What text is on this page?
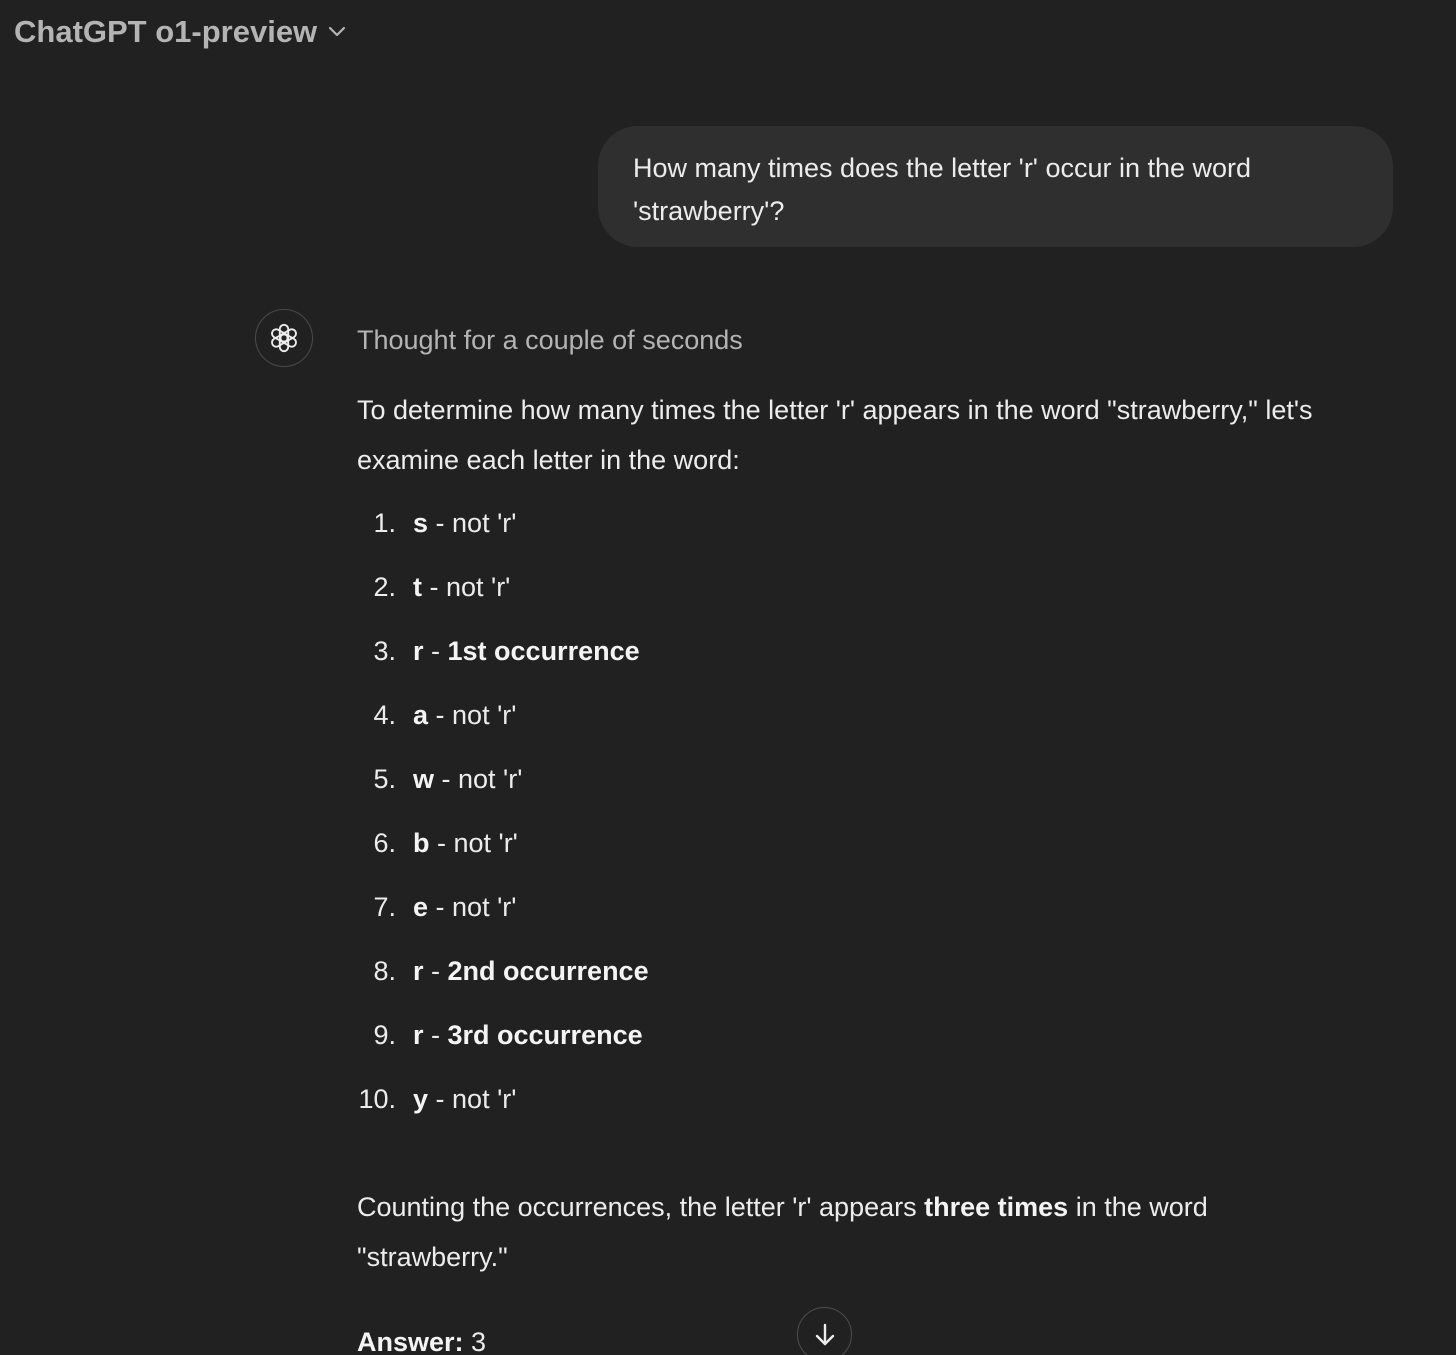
ChatGPT o1-preview
How many times does the letter 'r' occur in the word 'strawberry'?
Thought for a couple of seconds

To determine how many times the letter 'r' appears in the word "strawberry," let's examine each letter in the word:

1. s - not 'r'
2. t - not 'r'
3. r - 1st occurrence
4. a - not 'r'
5. w - not 'r'
6. b - not 'r'
7. e - not 'r'
8. r - 2nd occurrence
9. r - 3rd occurrence
10. y - not 'r'

Counting the occurrences, the letter 'r' appears three times in the word "strawberry."

Answer: 3
